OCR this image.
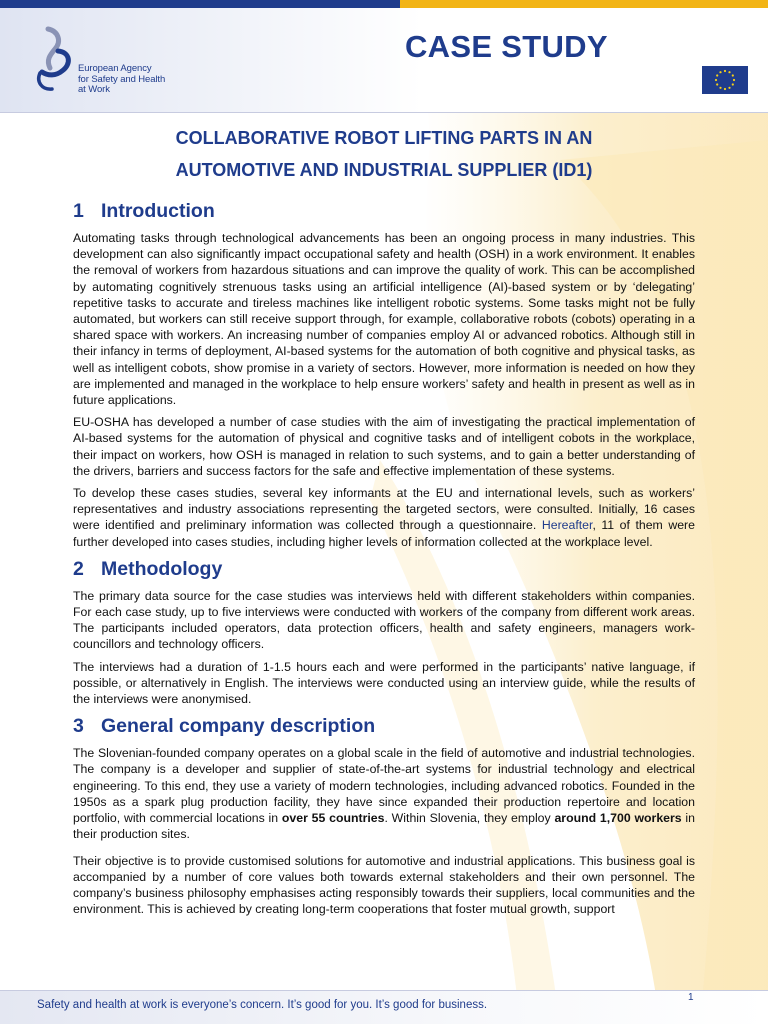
European Agency
for Safety and Health
at Work
CASE STUDY
COLLABORATIVE ROBOT LIFTING PARTS IN AN
AUTOMOTIVE AND INDUSTRIAL SUPPLIER (ID1)
1 Introduction

Automating tasks through technological advancements has been an ongoing process in many industries. This development can also significantly impact occupational safety and health (OSH) in a work environment. It enables the removal of workers from hazardous situations and can improve the quality of work. This can be accomplished by automating cognitively strenuous tasks using an artificial intelligence (AI)-based system or by ‘delegating’ repetitive tasks to accurate and tireless machines like intelligent robotic systems. Some tasks might not be fully automated, but workers can still receive support through, for example, collaborative robots (cobots) operating in a shared space with workers. An increasing number of companies employ AI or advanced robotics. Although still in their infancy in terms of deployment, AI-based systems for the automation of both cognitive and physical tasks, as well as intelligent cobots, show promise in a variety of sectors. However, more information is needed on how they are implemented and managed in the workplace to help ensure workers’ safety and health in present as well as in future applications.

EU-OSHA has developed a number of case studies with the aim of investigating the practical implementation of AI-based systems for the automation of physical and cognitive tasks and of intelligent cobots in the workplace, their impact on workers, how OSH is managed in relation to such systems, and to gain a better understanding of the drivers, barriers and success factors for the safe and effective implementation of these systems.

To develop these cases studies, several key informants at the EU and international levels, such as workers’ representatives and industry associations representing the targeted sectors, were consulted. Initially, 16 cases were identified and preliminary information was collected through a questionnaire. Hereafter, 11 of them were further developed into cases studies, including higher levels of information collected at the workplace level.

2 Methodology

The primary data source for the case studies was interviews held with different stakeholders within companies. For each case study, up to five interviews were conducted with workers of the company from different work areas. The participants included operators, data protection officers, health and safety engineers, managers work-councillors and technology officers.

The interviews had a duration of 1-1.5 hours each and were performed in the participants’ native language, if possible, or alternatively in English. The interviews were conducted using an interview guide, while the results of the interviews were anonymised.

3 General company description

The Slovenian-founded company operates on a global scale in the field of automotive and industrial technologies. The company is a developer and supplier of state-of-the-art systems for industrial technology and electrical engineering. To this end, they use a variety of modern technologies, including advanced robotics. Founded in the 1950s as a spark plug production facility, they have since expanded their production repertoire and location portfolio, with commercial locations in over 55 countries. Within Slovenia, they employ around 1,700 workers in their production sites.

Their objective is to provide customised solutions for automotive and industrial applications. This business goal is accompanied by a number of core values both towards external stakeholders and their own personnel. The company’s business philosophy emphasises acting responsibly towards their suppliers, local communities and the environment. This is achieved by creating long-term cooperations that foster mutual growth, support

Safety and health at work is everyone’s concern. It’s good for you. It’s good for business.
1
